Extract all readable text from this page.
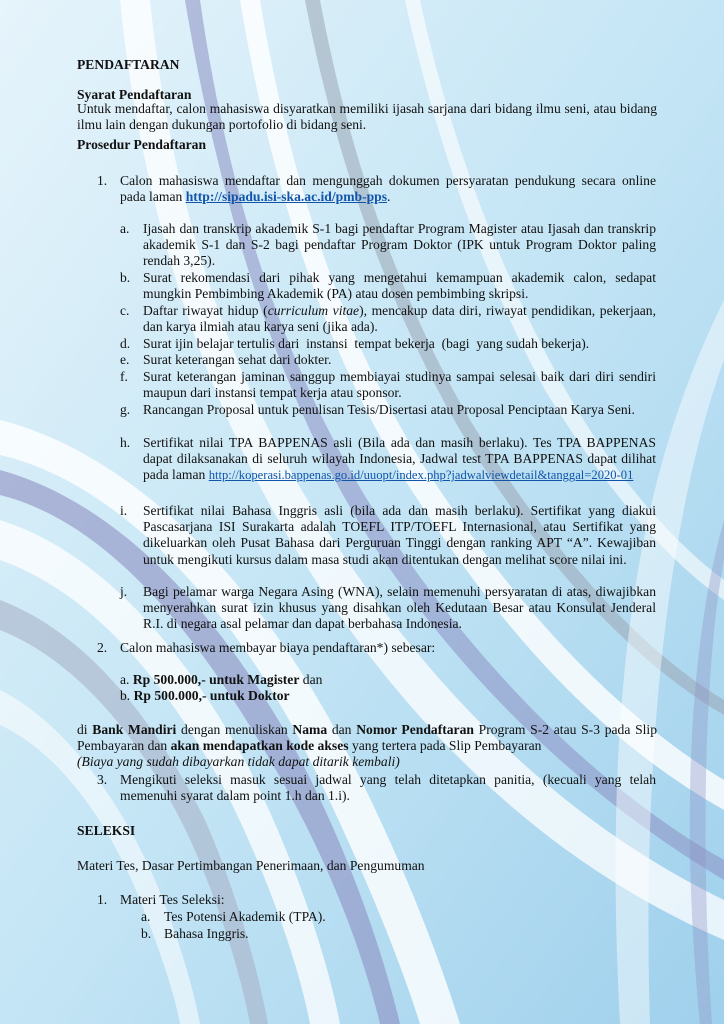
PENDAFTARAN
Syarat Pendaftaran
Untuk mendaftar, calon mahasiswa disyaratkan memiliki ijasah sarjana dari bidang ilmu seni, atau bidang ilmu lain dengan dukungan portofolio di bidang seni.
Prosedur Pendaftaran
1. Calon mahasiswa mendaftar dan mengunggah dokumen persyaratan pendukung secara online pada laman http://sipadu.isi-ska.ac.id/pmb-pps.
a. Ijasah dan transkrip akademik S-1 bagi pendaftar Program Magister atau Ijasah dan transkrip akademik S-1 dan S-2 bagi pendaftar Program Doktor (IPK untuk Program Doktor paling rendah 3,25).
b. Surat rekomendasi dari pihak yang mengetahui kemampuan akademik calon, sedapat mungkin Pembimbing Akademik (PA) atau dosen pembimbing skripsi.
c. Daftar riwayat hidup (curriculum vitae), mencakup data diri, riwayat pendidikan, pekerjaan, dan karya ilmiah atau karya seni (jika ada).
d. Surat ijin belajar tertulis dari  instansi  tempat bekerja  (bagi  yang sudah bekerja).
e. Surat keterangan sehat dari dokter.
f. Surat keterangan jaminan sanggup membiayai studinya sampai selesai baik dari diri sendiri maupun dari instansi tempat kerja atau sponsor.
g. Rancangan Proposal untuk penulisan Tesis/Disertasi atau Proposal Penciptaan Karya Seni.
h. Sertifikat nilai TPA BAPPENAS asli (Bila ada dan masih berlaku). Tes TPA BAPPENAS dapat dilaksanakan di seluruh wilayah Indonesia, Jadwal test TPA BAPPENAS dapat dilihat pada laman http://koperasi.bappenas.go.id/uuopt/index.php?jadwalviewdetail&tanggal=2020-01
i. Sertifikat nilai Bahasa Inggris asli (bila ada dan masih berlaku). Sertifikat yang diakui Pascasarjana ISI Surakarta adalah TOEFL ITP/TOEFL Internasional, atau Sertifikat yang dikeluarkan oleh Pusat Bahasa dari Perguruan Tinggi dengan ranking APT “A”. Kewajiban untuk mengikuti kursus dalam masa studi akan ditentukan dengan melihat score nilai ini.
j. Bagi pelamar warga Negara Asing (WNA), selain memenuhi persyaratan di atas, diwajibkan menyerahkan surat izin khusus yang disahkan oleh Kedutaan Besar atau Konsulat Jenderal R.I. di negara asal pelamar dan dapat berbahasa Indonesia.
2. Calon mahasiswa membayar biaya pendaftaran*) sebesar:
a. Rp 500.000,- untuk Magister dan
b. Rp 500.000,- untuk Doktor
di Bank Mandiri dengan menuliskan Nama dan Nomor Pendaftaran Program S-2 atau S-3 pada Slip Pembayaran dan akan mendapatkan kode akses yang tertera pada Slip Pembayaran
(Biaya yang sudah dibayarkan tidak dapat ditarik kembali)
3. Mengikuti seleksi masuk sesuai jadwal yang telah ditetapkan panitia, (kecuali yang telah memenuhi syarat dalam point 1.h dan 1.i).
SELEKSI
Materi Tes, Dasar Pertimbangan Penerimaan, dan Pengumuman
1. Materi Tes Seleksi:
a. Tes Potensi Akademik (TPA).
b. Bahasa Inggris.
